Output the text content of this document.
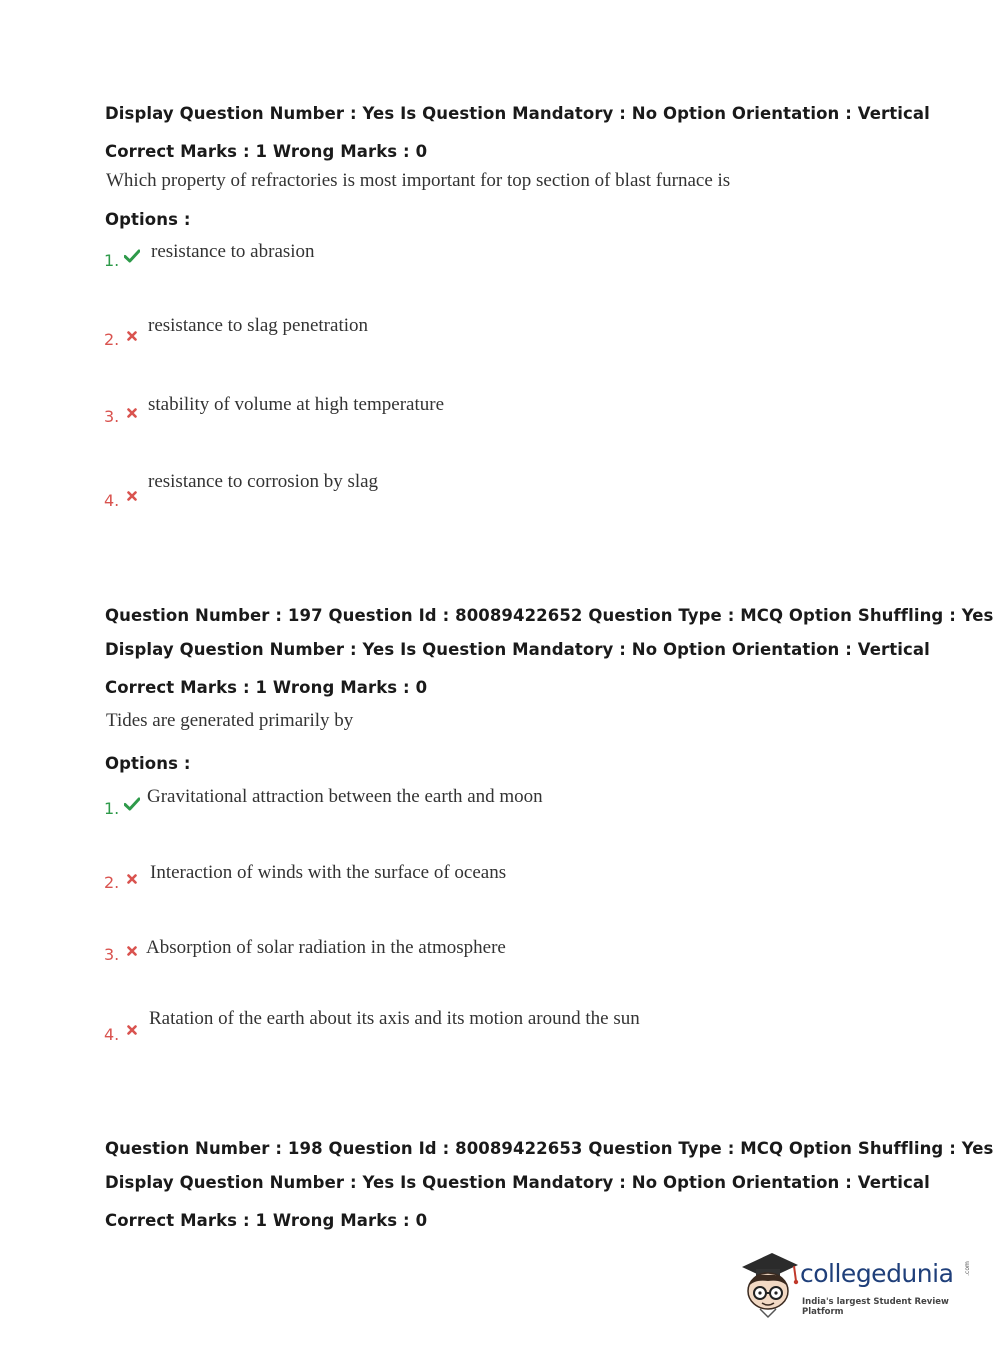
Display Question Number : Yes Is Question Mandatory : No Option Orientation : Vertical
Correct Marks : 1 Wrong Marks : 0
Which property of refractories is most important for top section of blast furnace is
Options :
1. resistance to abrasion
2.
resistance to slag penetration
3.
stability of volume at high temperature
4.
resistance to corrosion by slag
Question Number : 197 Question Id : 80089422652 Question Type : MCQ Option Shuffling : Yes
Display Question Number : Yes Is Question Mandatory : No Option Orientation : Vertical
Correct Marks : 1 Wrong Marks : 0
Tides are generated primarily by
Options :
1.
Gravitational attraction between the earth and moon
2. Interaction of winds with the surface of oceans
3. Absorption of solar radiation in the atmosphere
4.
Ratation of the earth about its axis and its motion around the sun
Question Number : 198 Question Id : 80089422653 Question Type : MCQ Option Shuffling : Yes
Display Question Number : Yes Is Question Mandatory : No Option Orientation : Vertical
Correct Marks : 1 Wrong Marks : 0
collegedunia .com
India's largest Student Review Platform
